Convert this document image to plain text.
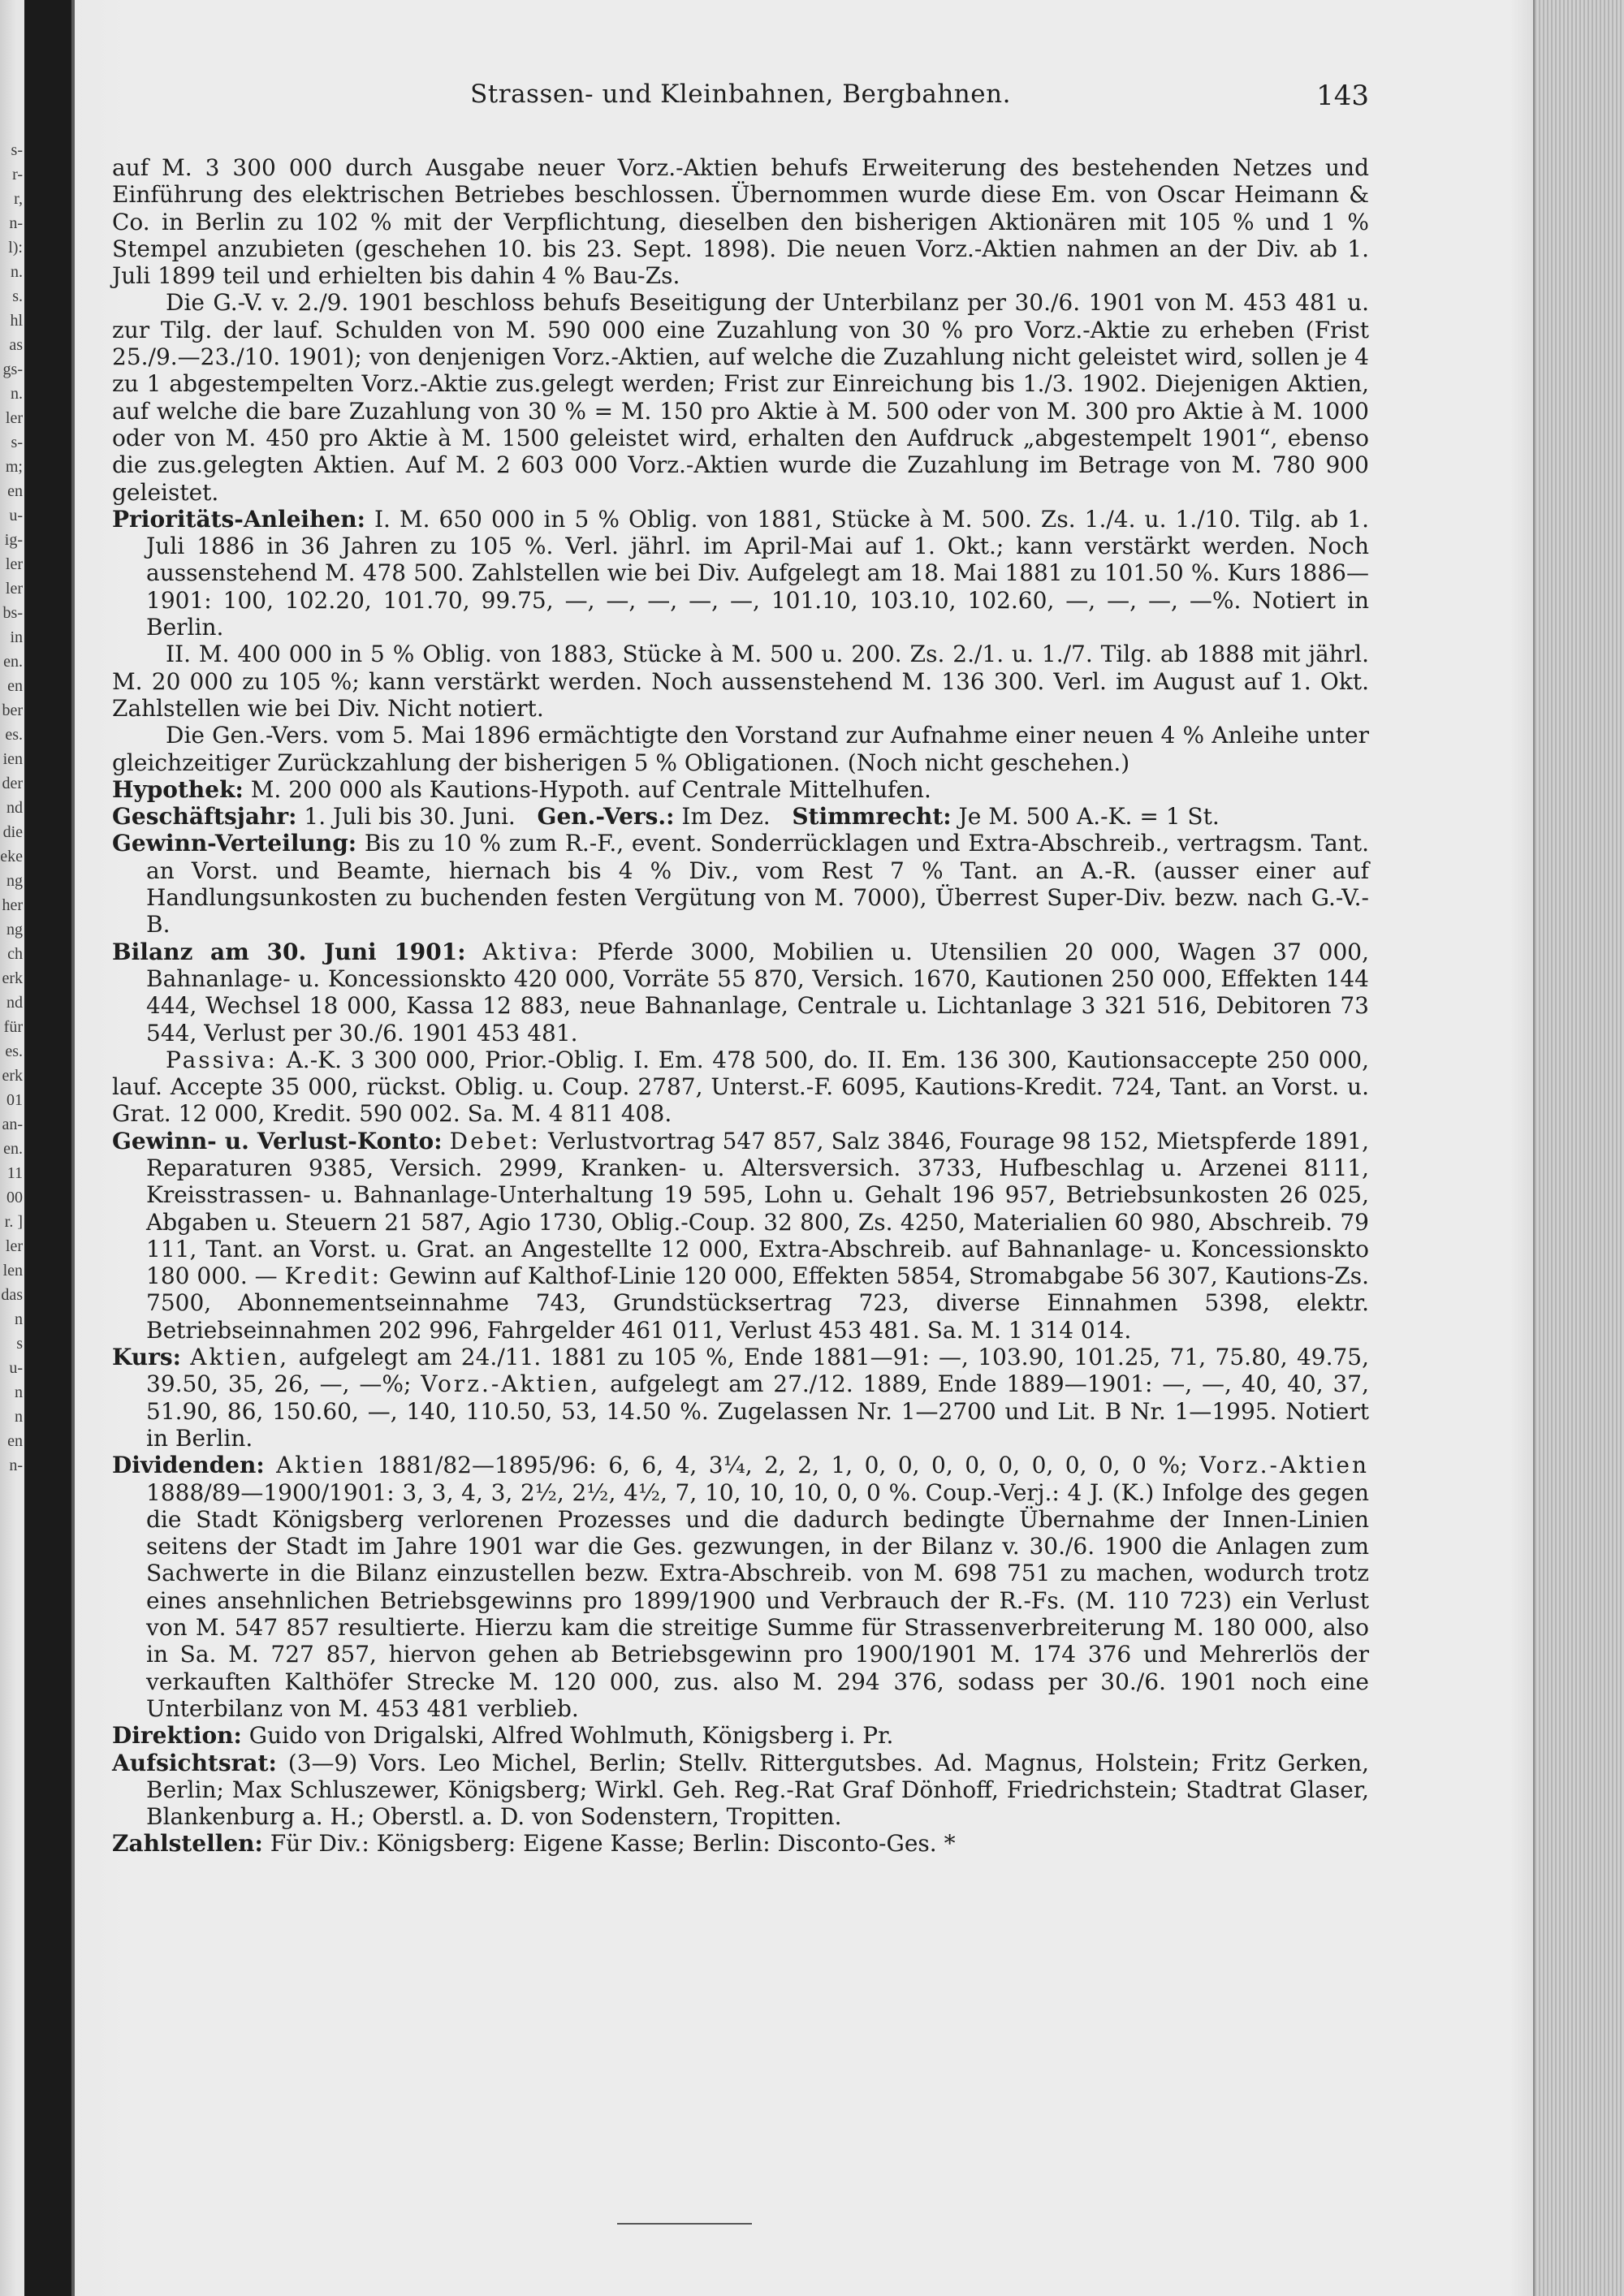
s-
r-
r,
n-
l):
n.
s.
hl
as
gs-
n.
ler
s-
m;
en
u-
ig-
ler
ler
bs-
in
en.
en
ber
es.
ien
der
nd
die
eke
ng
her
ng
ch
erk
nd
für
es.
erk
01
an-
en.
11
00
r. ]
ler
len
das
n
s
u-
n
n
en
n-
Strassen- und Kleinbahnen, Bergbahnen.	143

auf M. 3 300 000 durch Ausgabe neuer Vorz.-Aktien behufs Erweiterung des bestehenden Netzes und Einführung des elektrischen Betriebes beschlossen. Übernommen wurde diese Em. von Oscar Heimann & Co. in Berlin zu 102 % mit der Verpflichtung, dieselben den bisherigen Aktionären mit 105 % und 1 % Stempel anzubieten (geschehen 10. bis 23. Sept. 1898). Die neuen Vorz.-Aktien nahmen an der Div. ab 1. Juli 1899 teil und erhielten bis dahin 4 % Bau-Zs.

Die G.-V. v. 2./9. 1901 beschloss behufs Beseitigung der Unterbilanz per 30./6. 1901 von M. 453 481 u. zur Tilg. der lauf. Schulden von M. 590 000 eine Zuzahlung von 30 % pro Vorz.-Aktie zu erheben (Frist 25./9.—23./10. 1901); von denjenigen Vorz.-Aktien, auf welche die Zuzahlung nicht geleistet wird, sollen je 4 zu 1 abgestempelten Vorz.-Aktie zus.gelegt werden; Frist zur Einreichung bis 1./3. 1902. Diejenigen Aktien, auf welche die bare Zuzahlung von 30 % = M. 150 pro Aktie à M. 500 oder von M. 300 pro Aktie à M. 1000 oder von M. 450 pro Aktie à M. 1500 geleistet wird, erhalten den Aufdruck „abgestempelt 1901“, ebenso die zus.gelegten Aktien. Auf M. 2 603 000 Vorz.-Aktien wurde die Zuzahlung im Betrage von M. 780 900 geleistet.

Prioritäts-Anleihen: I. M. 650 000 in 5 % Oblig. von 1881, Stücke à M. 500. Zs. 1./4. u. 1./10. Tilg. ab 1. Juli 1886 in 36 Jahren zu 105 %. Verl. jährl. im April-Mai auf 1. Okt.; kann verstärkt werden. Noch aussenstehend M. 478 500. Zahlstellen wie bei Div. Aufgelegt am 18. Mai 1881 zu 101.50 %. Kurs 1886—1901: 100, 102.20, 101.70, 99.75, —, —, —, —, —, 101.10, 103.10, 102.60, —, —, —, —%. Notiert in Berlin.

II. M. 400 000 in 5 % Oblig. von 1883, Stücke à M. 500 u. 200. Zs. 2./1. u. 1./7. Tilg. ab 1888 mit jährl. M. 20 000 zu 105 %; kann verstärkt werden. Noch aussenstehend M. 136 300. Verl. im August auf 1. Okt. Zahlstellen wie bei Div. Nicht notiert.

Die Gen.-Vers. vom 5. Mai 1896 ermächtigte den Vorstand zur Aufnahme einer neuen 4 % Anleihe unter gleichzeitiger Zurückzahlung der bisherigen 5 % Obligationen. (Noch nicht geschehen.)

Hypothek: M. 200 000 als Kautions-Hypoth. auf Centrale Mittelhufen.

Geschäftsjahr: 1. Juli bis 30. Juni. Gen.-Vers.: Im Dez. Stimmrecht: Je M. 500 A.-K. = 1 St.

Gewinn-Verteilung: Bis zu 10 % zum R.-F., event. Sonderrücklagen und Extra-Abschreib., vertragsm. Tant. an Vorst. und Beamte, hiernach bis 4 % Div., vom Rest 7 % Tant. an A.-R. (ausser einer auf Handlungsunkosten zu buchenden festen Vergütung von M. 7000), Überrest Super-Div. bezw. nach G.-V.-B.

Bilanz am 30. Juni 1901: Aktiva: Pferde 3000, Mobilien u. Utensilien 20 000, Wagen 37 000, Bahnanlage- u. Koncessionskto 420 000, Vorräte 55 870, Versich. 1670, Kautionen 250 000, Effekten 144 444, Wechsel 18 000, Kassa 12 883, neue Bahnanlage, Centrale u. Lichtanlage 3 321 516, Debitoren 73 544, Verlust per 30./6. 1901 453 481.

Passiva: A.-K. 3 300 000, Prior.-Oblig. I. Em. 478 500, do. II. Em. 136 300, Kautionsaccepte 250 000, lauf. Accepte 35 000, rückst. Oblig. u. Coup. 2787, Unterst.-F. 6095, Kautions-Kredit. 724, Tant. an Vorst. u. Grat. 12 000, Kredit. 590 002. Sa. M. 4 811 408.

Gewinn- u. Verlust-Konto: Debet: Verlustvortrag 547 857, Salz 3846, Fourage 98 152, Mietspferde 1891, Reparaturen 9385, Versich. 2999, Kranken- u. Altersversich. 3733, Hufbeschlag u. Arzenei 8111, Kreisstrassen- u. Bahnanlage-Unterhaltung 19 595, Lohn u. Gehalt 196 957, Betriebsunkosten 26 025, Abgaben u. Steuern 21 587, Agio 1730, Oblig.-Coup. 32 800, Zs. 4250, Materialien 60 980, Abschreib. 79 111, Tant. an Vorst. u. Grat. an Angestellte 12 000, Extra-Abschreib. auf Bahnanlage- u. Koncessionskto 180 000. — Kredit: Gewinn auf Kalthof-Linie 120 000, Effekten 5854, Stromabgabe 56 307, Kautions-Zs. 7500, Abonnementseinnahme 743, Grundstücksertrag 723, diverse Einnahmen 5398, elektr. Betriebseinnahmen 202 996, Fahrgelder 461 011, Verlust 453 481. Sa. M. 1 314 014.

Kurs: Aktien, aufgelegt am 24./11. 1881 zu 105 %, Ende 1881—91: —, 103.90, 101.25, 71, 75.80, 49.75, 39.50, 35, 26, —, —%; Vorz.-Aktien, aufgelegt am 27./12. 1889, Ende 1889—1901: —, —, 40, 40, 37, 51.90, 86, 150.60, —, 140, 110.50, 53, 14.50 %. Zugelassen Nr. 1—2700 und Lit. B Nr. 1—1995. Notiert in Berlin.

Dividenden: Aktien 1881/82—1895/96: 6, 6, 4, 3¼, 2, 2, 1, 0, 0, 0, 0, 0, 0, 0, 0, 0 %; Vorz.-Aktien 1888/89—1900/1901: 3, 3, 4, 3, 2½, 2½, 4½, 7, 10, 10, 10, 0, 0 %. Coup.-Verj.: 4 J. (K.) Infolge des gegen die Stadt Königsberg verlorenen Prozesses und die dadurch bedingte Übernahme der Innen-Linien seitens der Stadt im Jahre 1901 war die Ges. gezwungen, in der Bilanz v. 30./6. 1900 die Anlagen zum Sachwerte in die Bilanz einzustellen bezw. Extra-Abschreib. von M. 698 751 zu machen, wodurch trotz eines ansehnlichen Betriebsgewinns pro 1899/1900 und Verbrauch der R.-Fs. (M. 110 723) ein Verlust von M. 547 857 resultierte. Hierzu kam die streitige Summe für Strassenverbreiterung M. 180 000, also in Sa. M. 727 857, hiervon gehen ab Betriebsgewinn pro 1900/1901 M. 174 376 und Mehrerlös der verkauften Kalthöfer Strecke M. 120 000, zus. also M. 294 376, sodass per 30./6. 1901 noch eine Unterbilanz von M. 453 481 verblieb.

Direktion: Guido von Drigalski, Alfred Wohlmuth, Königsberg i. Pr.

Aufsichtsrat: (3—9) Vors. Leo Michel, Berlin; Stellv. Rittergutsbes. Ad. Magnus, Holstein; Fritz Gerken, Berlin; Max Schluszewer, Königsberg; Wirkl. Geh. Reg.-Rat Graf Dönhoff, Friedrichstein; Stadtrat Glaser, Blankenburg a. H.; Oberstl. a. D. von Sodenstern, Tropitten.

Zahlstellen: Für Div.: Königsberg: Eigene Kasse; Berlin: Disconto-Ges. *
